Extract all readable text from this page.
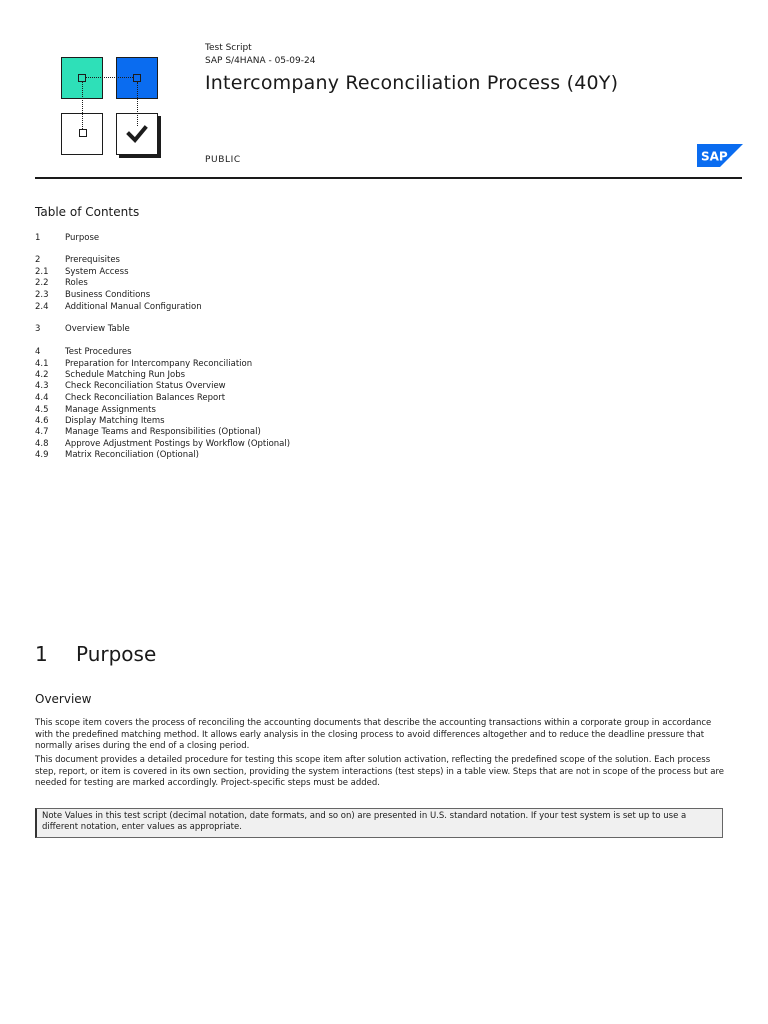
Test Script
SAP S/4HANA - 05-09-24
Intercompany Reconciliation Process (40Y)
PUBLIC	SAP
Table of Contents
1	Purpose
2	Prerequisites
2.1 System Access
2.2 Roles
2.3 Business Conditions
2.4 Additional Manual Configuration
3	Overview Table
4	Test Procedures
4.1 Preparation for Intercompany Reconciliation
4.2 Schedule Matching Run Jobs
4.3 Check Reconciliation Status Overview
4.4 Check Reconciliation Balances Report
4.5 Manage Assignments
4.6 Display Matching Items
4.7 Manage Teams and Responsibilities (Optional)
4.8 Approve Adjustment Postings by Workflow (Optional)
4.9 Matrix Reconciliation (Optional)
1 Purpose
Overview
This scope item covers the process of reconciling the accounting documents that describe the accounting transactions within a corporate group in accordance with the predefined matching method. It allows early analysis in the closing process to avoid differences altogether and to reduce the deadline pressure that normally arises during the end of a closing period.
This document provides a detailed procedure for testing this scope item after solution activation, reflecting the predefined scope of the solution. Each process step, report, or item is covered in its own section, providing the system interactions (test steps) in a table view. Steps that are not in scope of the process but are needed for testing are marked accordingly. Project-specific steps must be added.
Note Values in this test script (decimal notation, date formats, and so on) are presented in U.S. standard notation. If your test system is set up to use a different notation, enter values as appropriate.
